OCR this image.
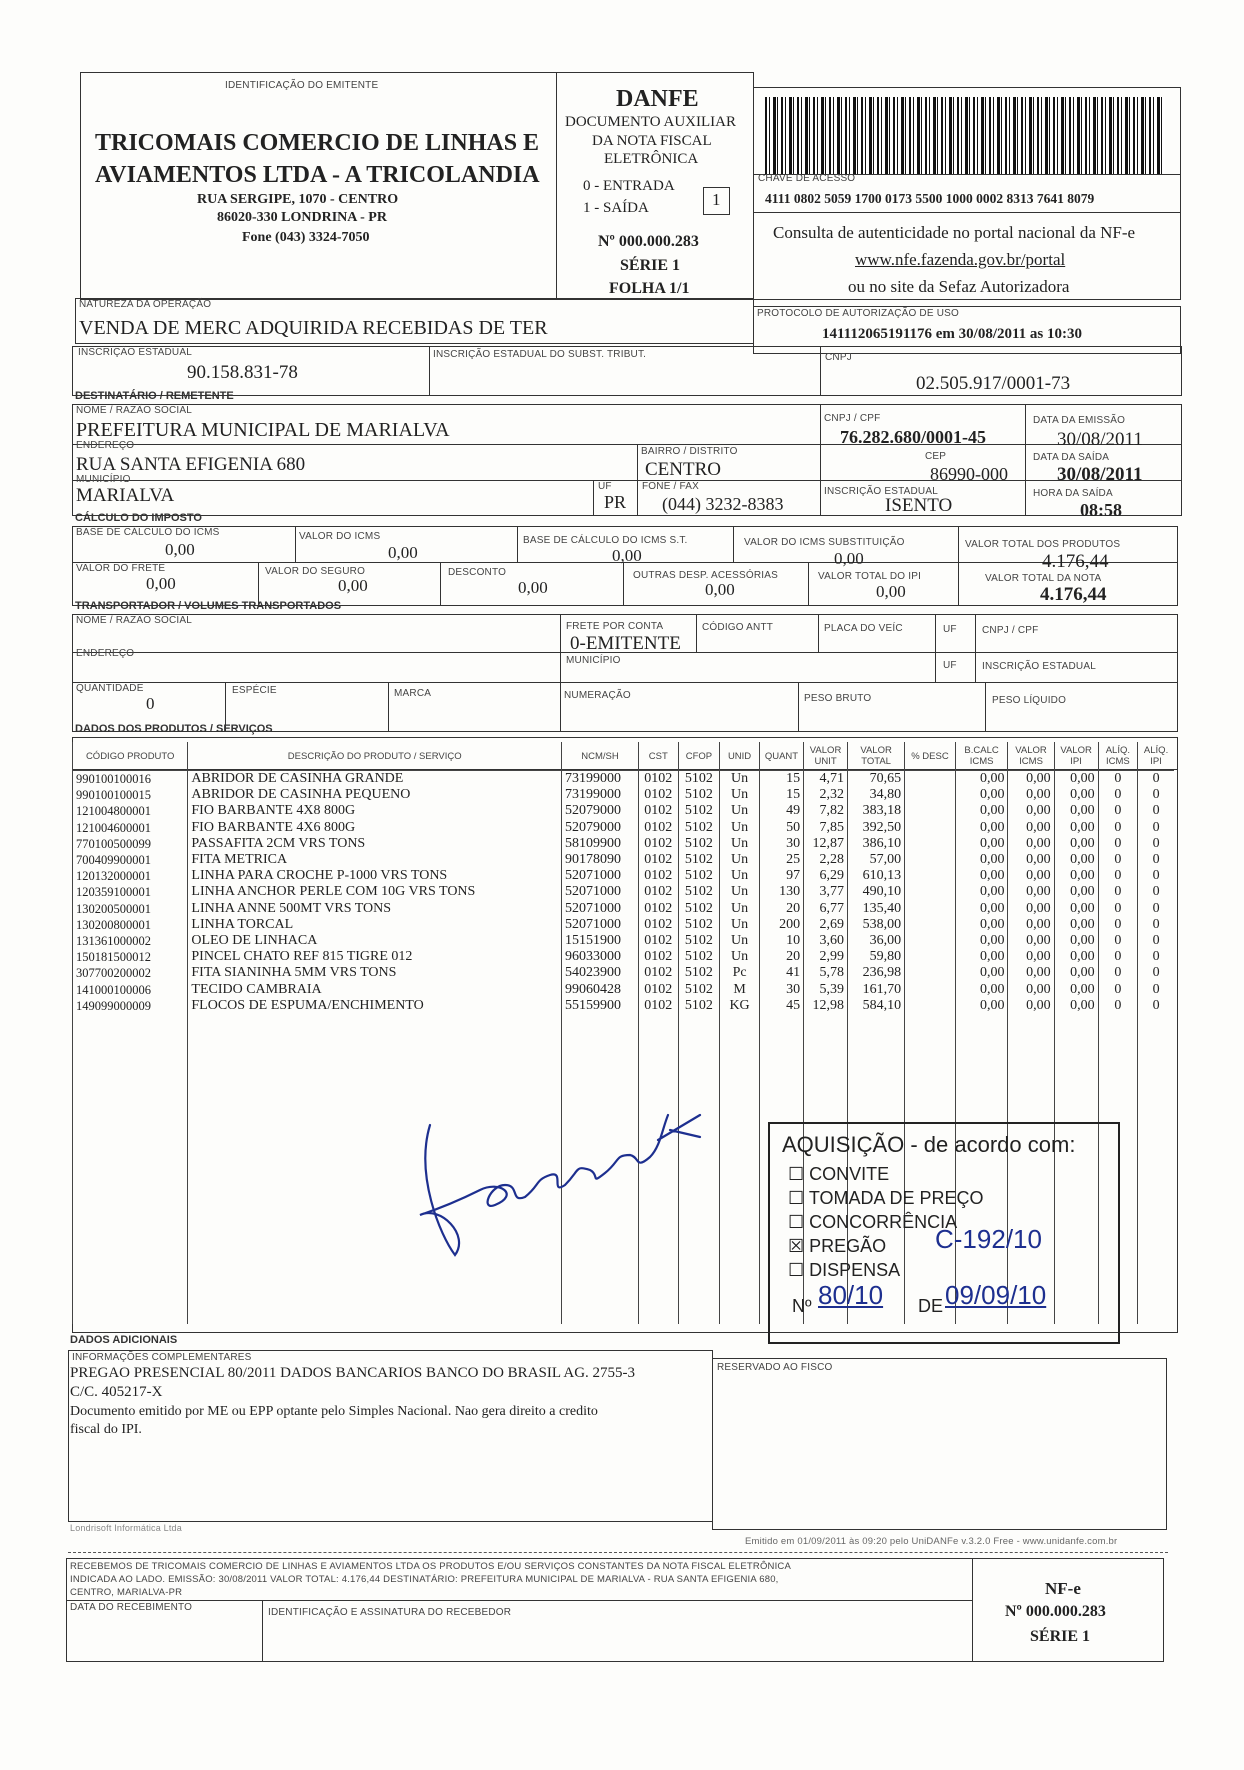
IDENTIFICAÇÃO DO EMITENTE
TRICOMAIS COMERCIO DE LINHAS E
AVIAMENTOS LTDA - A TRICOLANDIA
RUA SERGIPE, 1070 - CENTRO
86020-330 LONDRINA - PR
Fone (043) 3324-7050
DANFE
DOCUMENTO AUXILIAR
DA NOTA FISCAL
ELETRÔNICA
0 - ENTRADA
1 - SAÍDA	1
Nº 000.000.283
SÉRIE 1
FOLHA 1/1
CHAVE DE ACESSO
4111 0802 5059 1700 0173 5500 1000 0002 8313 7641 8079
Consulta de autenticidade no portal nacional da NF-e
www.nfe.fazenda.gov.br/portal
ou no site da Sefaz Autorizadora
NATUREZA DA OPERAÇÃO
VENDA DE MERC ADQUIRIDA RECEBIDAS DE TER
PROTOCOLO DE AUTORIZAÇÃO DE USO
141112065191176 em 30/08/2011 as 10:30
INSCRIÇÃO ESTADUAL
90.158.831-78
INSCRIÇÃO ESTADUAL DO SUBST. TRIBUT.	CNPJ
02.505.917/0001-73
DESTINATÁRIO / REMETENTE
NOME / RAZÃO SOCIAL
PREFEITURA MUNICIPAL DE MARIALVA
CNPJ / CPF
76.282.680/0001-45
DATA DA EMISSÃO
30/08/2011
ENDEREÇO
RUA SANTA EFIGENIA 680
BAIRRO / DISTRITO
CENTRO
CEP
86990-000
DATA DA SAÍDA
30/08/2011
MUNICÍPIO
MARIALVA	UF
PR
FONE / FAX
(044) 3232-8383
INSCRIÇÃO ESTADUAL
ISENTO
HORA DA SAÍDA
08:58
CÁLCULO DO IMPOSTO
BASE DE CÁLCULO DO ICMS
0,00
VALOR DO ICMS
0,00
BASE DE CÁLCULO DO ICMS S.T.
0,00
VALOR DO ICMS SUBSTITUIÇÃO
0,00
VALOR TOTAL DOS PRODUTOS
4.176,44
VALOR DO FRETE
0,00
VALOR DO SEGURO
0,00
DESCONTO
0,00
OUTRAS DESP. ACESSÓRIAS
0,00
VALOR TOTAL DO IPI
0,00
VALOR TOTAL DA NOTA
4.176,44
TRANSPORTADOR / VOLUMES TRANSPORTADOS
NOME / RAZÃO SOCIAL
FRETE POR CONTA
0-EMITENTE
CÓDIGO ANTT	PLACA DO VEÍC	UF	CNPJ / CPF
ENDEREÇO
MUNICÍPIO	UF	INSCRIÇÃO ESTADUAL
QUANTIDADE
0
ESPÉCIE	MARCA	NUMERAÇÃO	PESO BRUTO	PESO LÍQUIDO
DADOS DOS PRODUTOS / SERVIÇOS
CÓDIGO PRODUTO	DESCRIÇÃO DO PRODUTO / SERVIÇO	NCM/SH	CST	CFOP	UNID	QUANT	VALOR UNIT	VALOR TOTAL	% DESC	B.CALC ICMS	VALOR ICMS	VALOR IPI	ALÍQ. ICMS	ALÍQ. IPI
990100100016	ABRIDOR DE CASINHA GRANDE	73199000	0102	5102	Un	15	4,71	70,65		0,00	0,00	0,00	0	0
990100100015	ABRIDOR DE CASINHA PEQUENO	73199000	0102	5102	Un	15	2,32	34,80		0,00	0,00	0,00	0	0
121004800001	FIO BARBANTE 4X8 800G	52079000	0102	5102	Un	49	7,82	383,18		0,00	0,00	0,00	0	0
121004600001	FIO BARBANTE 4X6 800G	52079000	0102	5102	Un	50	7,85	392,50		0,00	0,00	0,00	0	0
770100500099	PASSAFITA 2CM VRS TONS	58109900	0102	5102	Un	30	12,87	386,10		0,00	0,00	0,00	0	0
700409900001	FITA METRICA	90178090	0102	5102	Un	25	2,28	57,00		0,00	0,00	0,00	0	0
120132000001	LINHA PARA CROCHE P-1000 VRS TONS	52071000	0102	5102	Un	97	6,29	610,13		0,00	0,00	0,00	0	0
120359100001	LINHA ANCHOR PERLE COM 10G VRS TONS	52071000	0102	5102	Un	130	3,77	490,10		0,00	0,00	0,00	0	0
130200500001	LINHA ANNE 500MT VRS TONS	52071000	0102	5102	Un	20	6,77	135,40		0,00	0,00	0,00	0	0
130200800001	LINHA TORCAL	52071000	0102	5102	Un	200	2,69	538,00		0,00	0,00	0,00	0	0
131361000002	OLEO DE LINHACA	15151900	0102	5102	Un	10	3,60	36,00		0,00	0,00	0,00	0	0
150181500012	PINCEL CHATO REF 815 TIGRE 012	96033000	0102	5102	Un	20	2,99	59,80		0,00	0,00	0,00	0	0
307700200002	FITA SIANINHA 5MM VRS TONS	54023900	0102	5102	Pc	41	5,78	236,98		0,00	0,00	0,00	0	0
141000100006	TECIDO CAMBRAIA	99060428	0102	5102	M	30	5,39	161,70		0,00	0,00	0,00	0	0
149099000009	FLOCOS DE ESPUMA/ENCHIMENTO	55159900	0102	5102	KG	45	12,98	584,10		0,00	0,00	0,00	0	0

AQUISIÇÃO - de acordo com:
☐ CONVITE
☐ TOMADA DE PREÇO
☐ CONCORRÊNCIA
☒ PREGÃO
☐ DISPENSA
Nº	DE
C-192/10
80/10 09/09/10
DADOS ADICIONAIS
INFORMAÇÕES COMPLEMENTARES
PREGAO PRESENCIAL 80/2011 DADOS BANCARIOS BANCO DO BRASIL AG. 2755-3
C/C. 405217-X
Documento emitido por ME ou EPP optante pelo Simples Nacional. Nao gera direito a credito
fiscal do IPI.
RESERVADO AO FISCO
Londrisoft Informática Ltda
Emitido em 01/09/2011 às 09:20 pelo UniDANFe v.3.2.0 Free - www.unidanfe.com.br
RECEBEMOS DE TRICOMAIS COMERCIO DE LINHAS E AVIAMENTOS LTDA OS PRODUTOS E/OU SERVIÇOS CONSTANTES DA NOTA FISCAL ELETRÔNICA
INDICADA AO LADO. EMISSÃO: 30/08/2011 VALOR TOTAL: 4.176,44 DESTINATÁRIO: PREFEITURA MUNICIPAL DE MARIALVA - RUA SANTA EFIGENIA 680,
CENTRO, MARIALVA-PR
DATA DO RECEBIMENTO	IDENTIFICAÇÃO E ASSINATURA DO RECEBEDOR
NF-e
Nº 000.000.283
SÉRIE 1
